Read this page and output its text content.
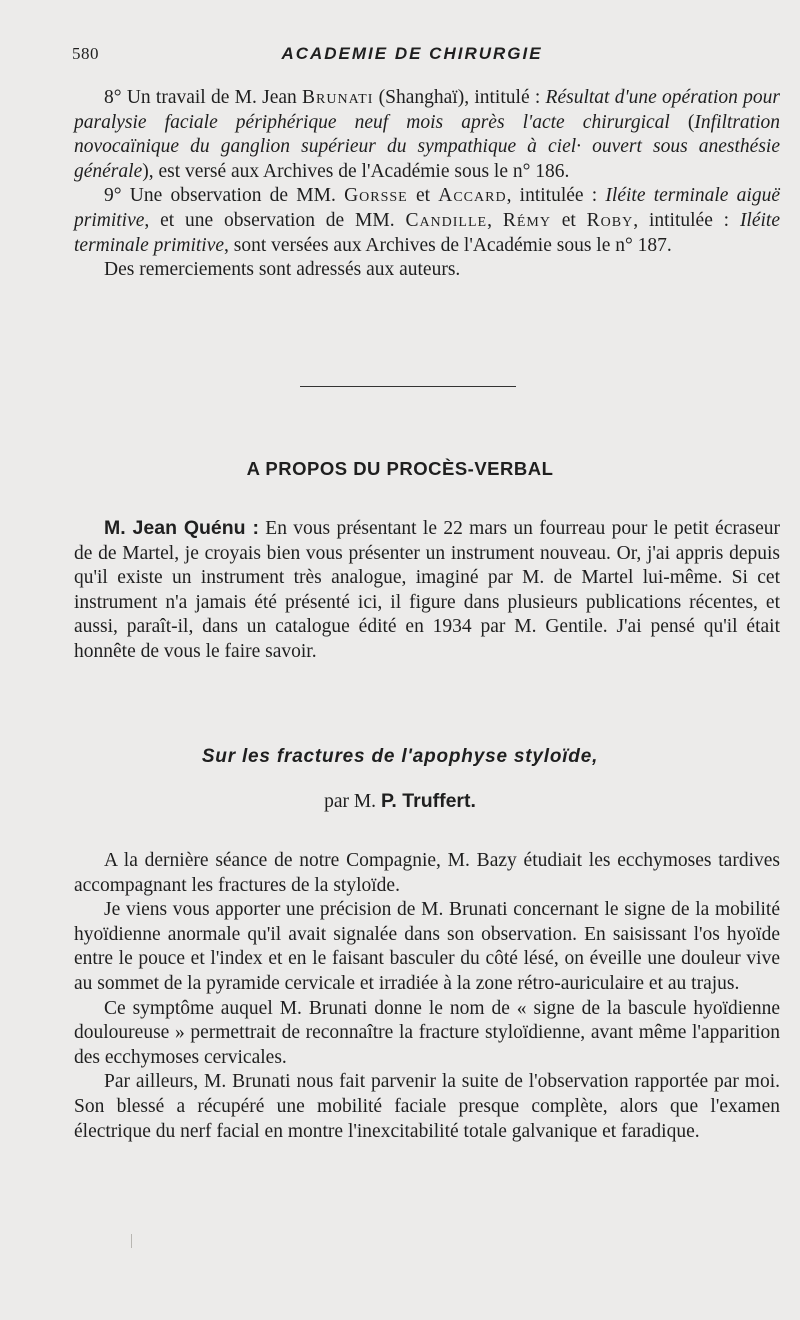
580	ACADEMIE DE CHIRURGIE

8° Un travail de M. Jean Brunati (Shanghaï), intitulé : Résultat d'une opération pour paralysie faciale périphérique neuf mois après l'acte chirurgical (Infiltration novocaïnique du ganglion supérieur du sympathique à ciel· ouvert sous anesthésie générale), est versé aux Archives de l'Académie sous le n° 186.

9° Une observation de MM. Gorsse et Accard, intitulée : Iléite terminale aiguë primitive, et une observation de MM. Candille, Rémy et Roby, intitulée : Iléite terminale primitive, sont versées aux Archives de l'Académie sous le n° 187.

Des remerciements sont adressés aux auteurs.

A PROPOS DU PROCÈS-VERBAL

M. Jean Quénu : En vous présentant le 22 mars un fourreau pour le petit écraseur de de Martel, je croyais bien vous présenter un instrument nouveau. Or, j'ai appris depuis qu'il existe un instrument très analogue, imaginé par M. de Martel lui-même. Si cet instrument n'a jamais été présenté ici, il figure dans plusieurs publications récentes, et aussi, paraît-il, dans un catalogue édité en 1934 par M. Gentile. J'ai pensé qu'il était honnête de vous le faire savoir.

Sur les fractures de l'apophyse styloïde,
par M. P. Truffert.

A la dernière séance de notre Compagnie, M. Bazy étudiait les ecchymoses tardives accompagnant les fractures de la styloïde.

Je viens vous apporter une précision de M. Brunati concernant le signe de la mobilité hyoïdienne anormale qu'il avait signalée dans son observation. En saisissant l'os hyoïde entre le pouce et l'index et en le faisant basculer du côté lésé, on éveille une douleur vive au sommet de la pyramide cervicale et irradiée à la zone rétro-auriculaire et au trajus.

Ce symptôme auquel M. Brunati donne le nom de « signe de la bascule hyoïdienne douloureuse » permettrait de reconnaître la fracture styloïdienne, avant même l'apparition des ecchymoses cervicales.

Par ailleurs, M. Brunati nous fait parvenir la suite de l'observation rapportée par moi. Son blessé a récupéré une mobilité faciale presque complète, alors que l'examen électrique du nerf facial en montre l'inexcitabilité totale galvanique et faradique.
